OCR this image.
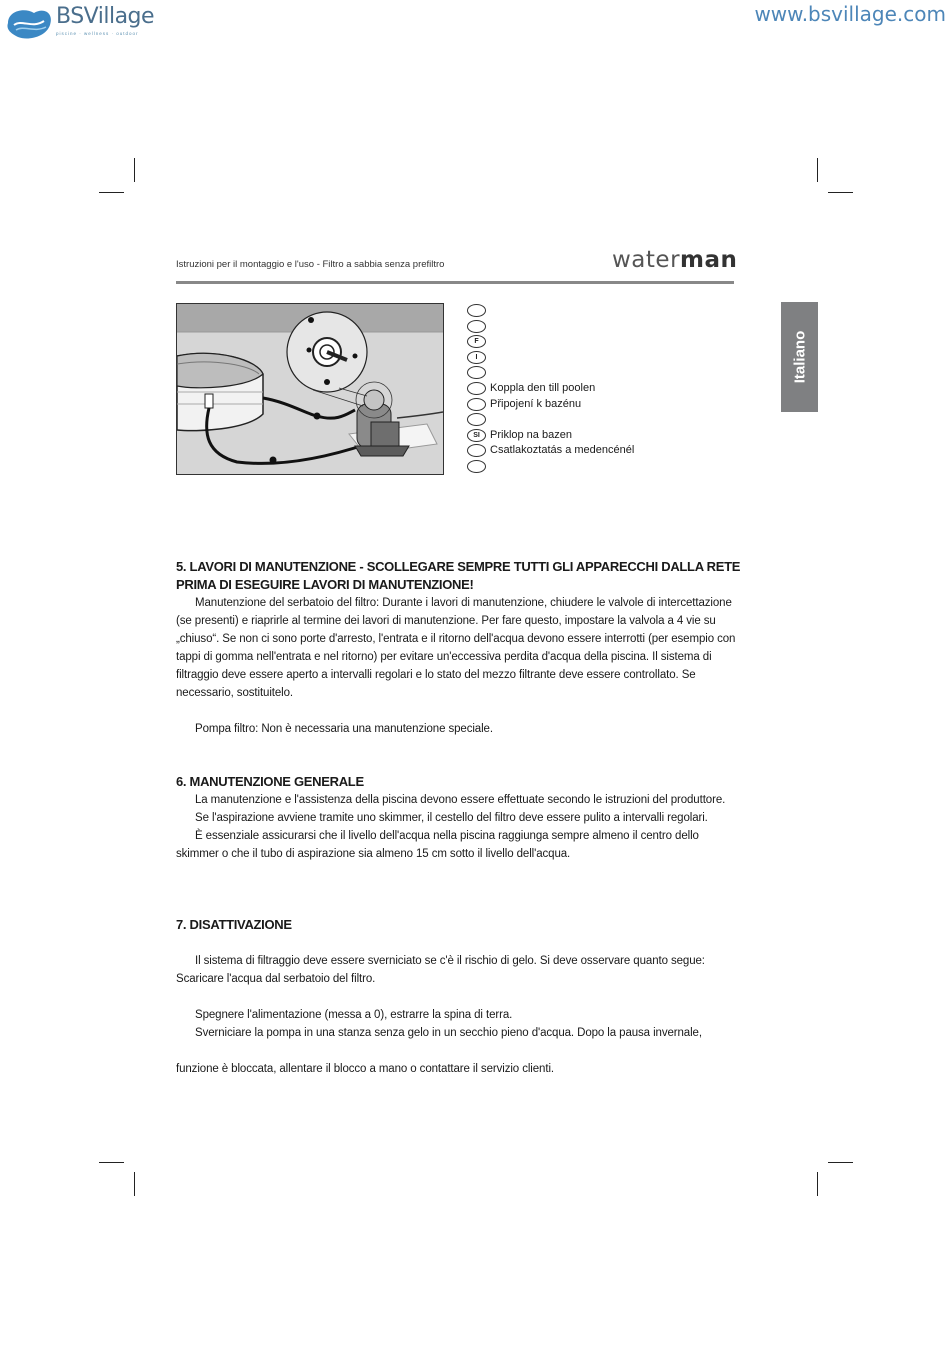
BSVillage
piscine · wellness · outdoor
www.bsvillage.com
Istruzioni per il montaggio e l'uso - Filtro a sabbia senza prefiltro	waterman
Italiano
F
I
Koppla den till poolen
Připojení k bazénu
SI Priklop na bazen
Csatlakoztatás a medencénél
5. LAVORI DI MANUTENZIONE - SCOLLEGARE SEMPRE TUTTI GLI APPARECCHI DALLA RETE
PRIMA DI ESEGUIRE LAVORI DI MANUTENZIONE!
Manutenzione del serbatoio del filtro: Durante i lavori di manutenzione, chiudere le valvole di intercettazione (se presenti) e riaprirle al termine dei lavori di manutenzione. Per fare questo, impostare la valvola a 4 vie su „chiuso“. Se non ci sono porte d'arresto, l'entrata e il ritorno dell'acqua devono essere interrotti (per esempio con tappi di gomma nell'entrata e nel ritorno) per evitare un'eccessiva perdita d'acqua della piscina. Il sistema di filtraggio deve essere aperto a intervalli regolari e lo stato del mezzo filtrante deve essere controllato. Se necessario, sostituitelo.
Pompa filtro: Non è necessaria una manutenzione speciale.
6. MANUTENZIONE GENERALE
La manutenzione e l'assistenza della piscina devono essere effettuate secondo le istruzioni del produttore.
Se l'aspirazione avviene tramite uno skimmer, il cestello del filtro deve essere pulito a intervalli regolari.
È essenziale assicurarsi che il livello dell'acqua nella piscina raggiunga sempre almeno il centro dello skimmer o che il tubo di aspirazione sia almeno 15 cm sotto il livello dell'acqua.
7. DISATTIVAZIONE
Il sistema di filtraggio deve essere sverniciato se c'è il rischio di gelo. Si deve osservare quanto segue: Scaricare l'acqua dal serbatoio del filtro.
Spegnere l'alimentazione (messa a 0), estrarre la spina di terra.
Sverniciare la pompa in una stanza senza gelo in un secchio pieno d'acqua. Dopo la pausa invernale,
funzione è bloccata, allentare il blocco a mano o contattare il servizio clienti.
